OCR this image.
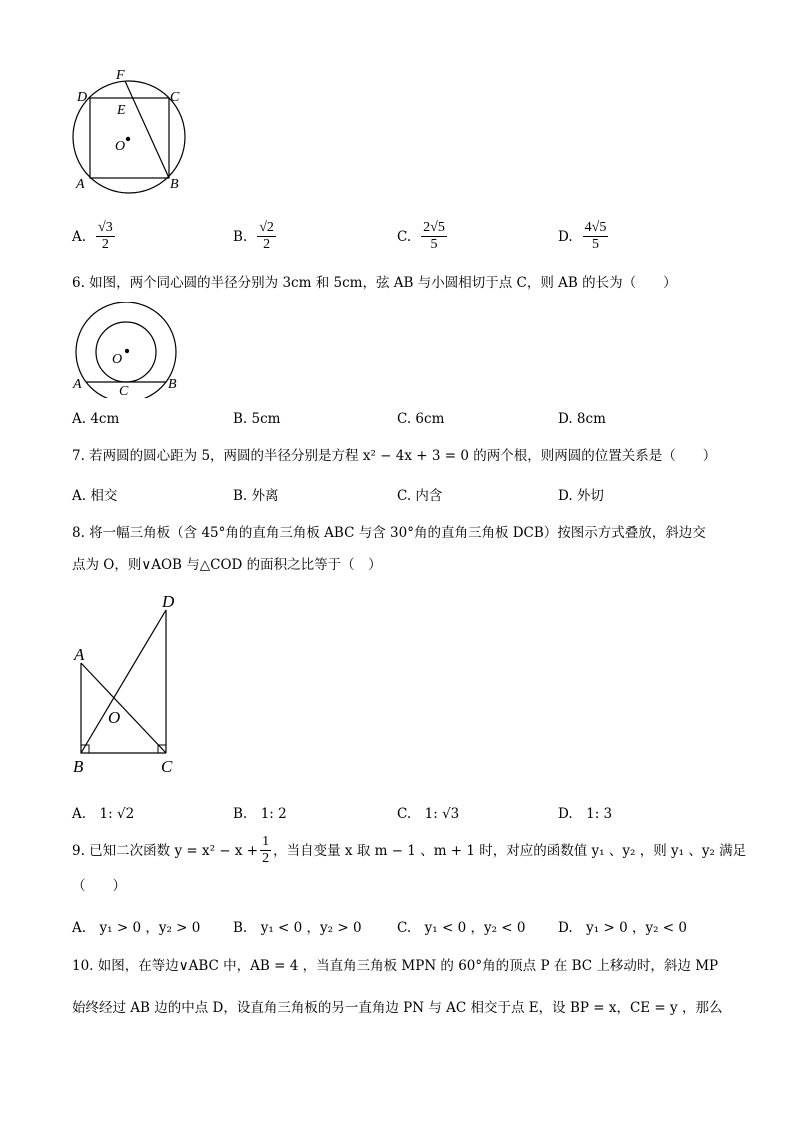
F
D
E
C
O
A	B
A. $\frac{√3}{2}$	B. $\frac{√2}{2}$	C. $\frac{2√5}{5}$	D. $\frac{4√5}{5}$
6. 如图，两个同心圆的半径分别为 3cm 和 5cm，弦 AB 与小圆相切于点 C，则 AB 的长为（　　）
O
A	C	B
A. 4cm	B. 5cm	C. 6cm	D. 8cm
7. 若两圆的圆心距为 5，两圆的半径分别是方程 x² − 4x + 3 = 0 的两个根，则两圆的位置关系是（　　）
A. 相交	B. 外离	C. 内含	D. 外切
8. 将一幅三角板（含 45°角的直角三角板 ABC 与含 30°角的直角三角板 DCB）按图示方式叠放，斜边交
点为 O，则∨AOB 与△COD 的面积之比等于（　）
D
A
O
B	C
A.　1: √2	B.　1: 2	C.　1: √3	D.　1: 3
9. 已知二次函数 $y = x^2 - x + \frac{1}{2}$ ，当自变量 x 取 m − 1 、m + 1 时，对应的函数值 y₁ 、y₂ ，则 y₁ 、y₂ 满足
（　　）
A.　y₁ > 0 ，y₂ > 0 B.　y₁ < 0 ，y₂ > 0	C.　y₁ < 0 ，y₂ < 0 D.　y₁ > 0 ，y₂ < 0
10. 如图，在等边∨ABC 中，AB = 4 ，当直角三角板 MPN 的 60°角的顶点 P 在 BC 上移动时，斜边 MP
始终经过 AB 边的中点 D，设直角三角板的另一直角边 PN 与 AC 相交于点 E，设 BP = x，CE = y ，那么
